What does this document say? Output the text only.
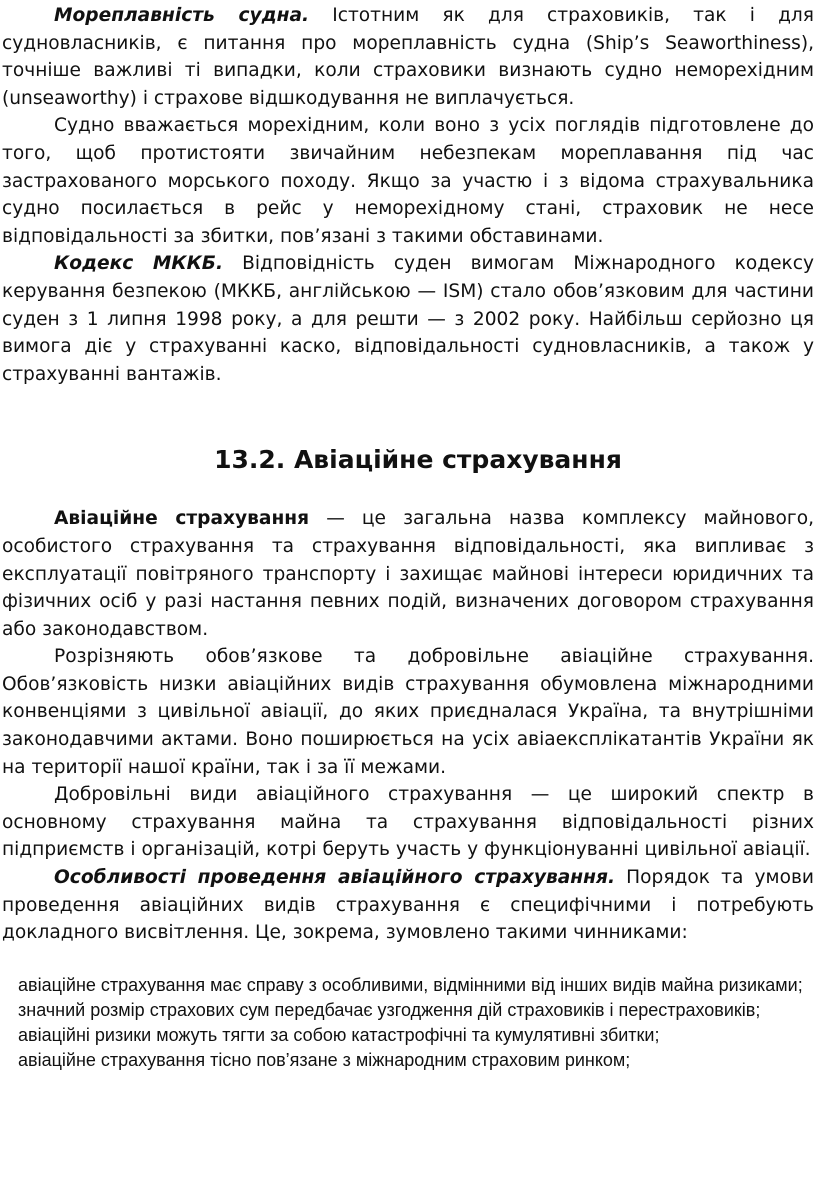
Мореплавність судна. Істотним як для страховиків, так і для судновласників, є питання про мореплавність судна (Ship’s Seaworthiness), точніше важливі ті випадки, коли страховики визнають судно неморехідним (unseaworthy) і страхове відшкодування не виплачується.

Судно вважається морехідним, коли воно з усіх поглядів підготовлене до того, щоб протистояти звичайним небезпекам мореплавання під час застрахованого морського походу. Якщо за участю і з відома страхувальника судно посилається в рейс у неморехідному стані, страховик не несе відповідальності за збитки, пов’язані з такими обставинами.

Кодекс МККБ. Відповідність суден вимогам Міжнародного кодексу керування безпекою (МККБ, англійською — ISM) стало обов’язковим для частини суден з 1 липня 1998 року, а для решти — з 2002 року. Найбільш серйозно ця вимога діє у страхуванні каско, відповідальності судновласників, а також у страхуванні вантажів.

13.2. Авіаційне страхування

Авіаційне страхування — це загальна назва комплексу майнового, особистого страхування та страхування відповідальності, яка випливає з експлуатації повітряного транспорту і захищає майнові інтереси юридичних та фізичних осіб у разі настання певних подій, визначених договором страхування або законодавством.

Розрізняють обов’язкове та добровільне авіаційне страхування. Обов’язковість низки авіаційних видів страхування обумовлена міжнародними конвенціями з цивільної авіації, до яких приєдналася Україна, та внутрішніми законодавчими актами. Воно поширюється на усіх авіаексплікатантів України як на території нашої країни, так і за її межами.

Добровільні види авіаційного страхування — це широкий спектр в основному страхування майна та страхування відповідальності різних підприємств і організацій, котрі беруть участь у функціонуванні цивільної авіації.

Особливості проведення авіаційного страхування. Порядок та умови проведення авіаційних видів страхування є специфічними і потребують докладного висвітлення. Це, зокрема, зумовлено такими чинниками:

авіаційне страхування має справу з особливими, відмінними від інших видів майна ризиками;
значний розмір страхових сум передбачає узгодження дій страховиків і перестраховиків;
авіаційні ризики можуть тягти за собою катастрофічні та кумулятивні збитки;
авіаційне страхування тісно пов’язане з міжнародним страховим ринком;
